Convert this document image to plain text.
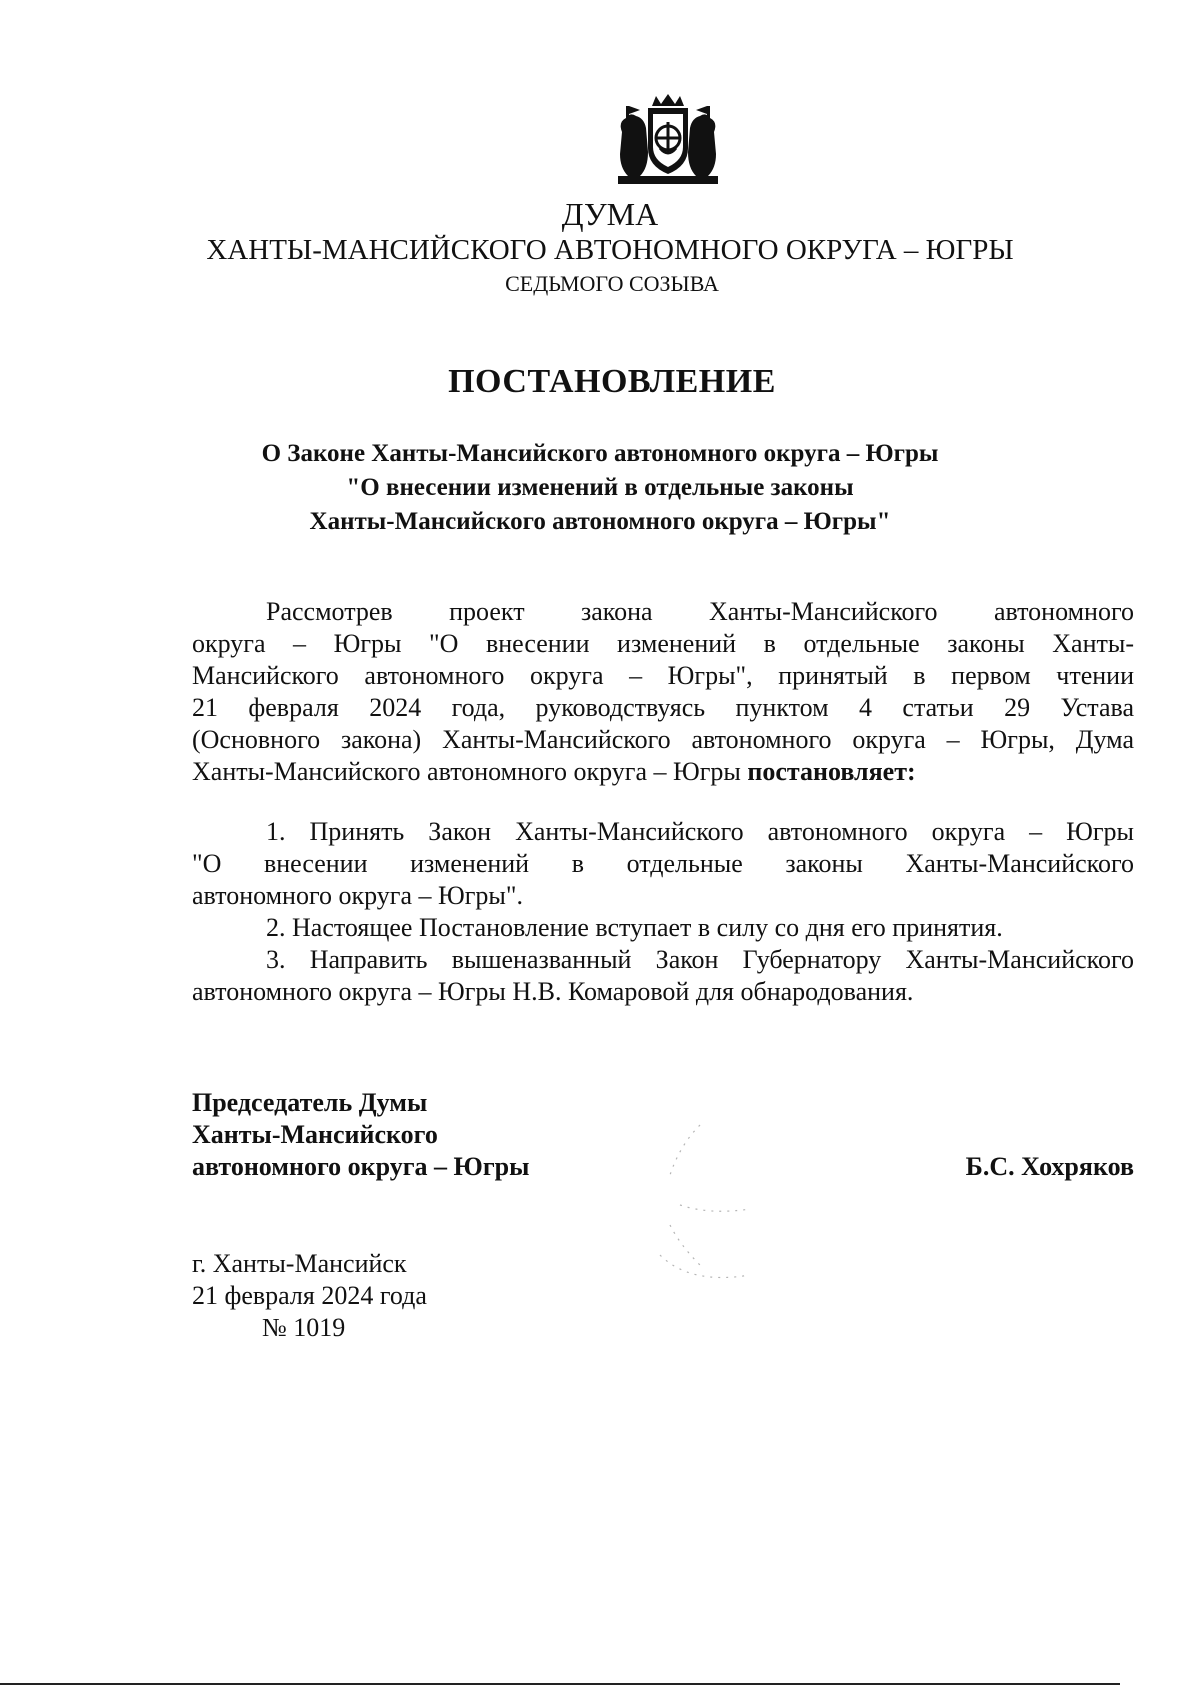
ДУМА
ХАНТЫ-МАНСИЙСКОГО АВТОНОМНОГО ОКРУГА – ЮГРЫ
СЕДЬМОГО СОЗЫВА
ПОСТАНОВЛЕНИЕ
О Законе Ханты-Мансийского автономного округа – Югры
"О внесении изменений в отдельные законы
Ханты-Мансийского автономного округа – Югры"
Рассмотрев проект закона Ханты-Мансийского автономного
округа – Югры "О внесении изменений в отдельные законы Ханты-
Мансийского автономного округа – Югры", принятый в первом чтении
21 февраля 2024 года, руководствуясь пунктом 4 статьи 29 Устава
(Основного закона) Ханты-Мансийского автономного округа – Югры, Дума
Ханты-Мансийского автономного округа – Югры постановляет:
1. Принять Закон Ханты-Мансийского автономного округа – Югры
"О внесении изменений в отдельные законы Ханты-Мансийского
автономного округа – Югры".
2. Настоящее Постановление вступает в силу со дня его принятия.
3. Направить вышеназванный Закон Губернатору Ханты-Мансийского
автономного округа – Югры Н.В. Комаровой для обнародования.
Председатель Думы
Ханты-Мансийского
автономного округа – Югры	Б.С. Хохряков
г. Ханты-Мансийск
21 февраля 2024 года
№ 1019
